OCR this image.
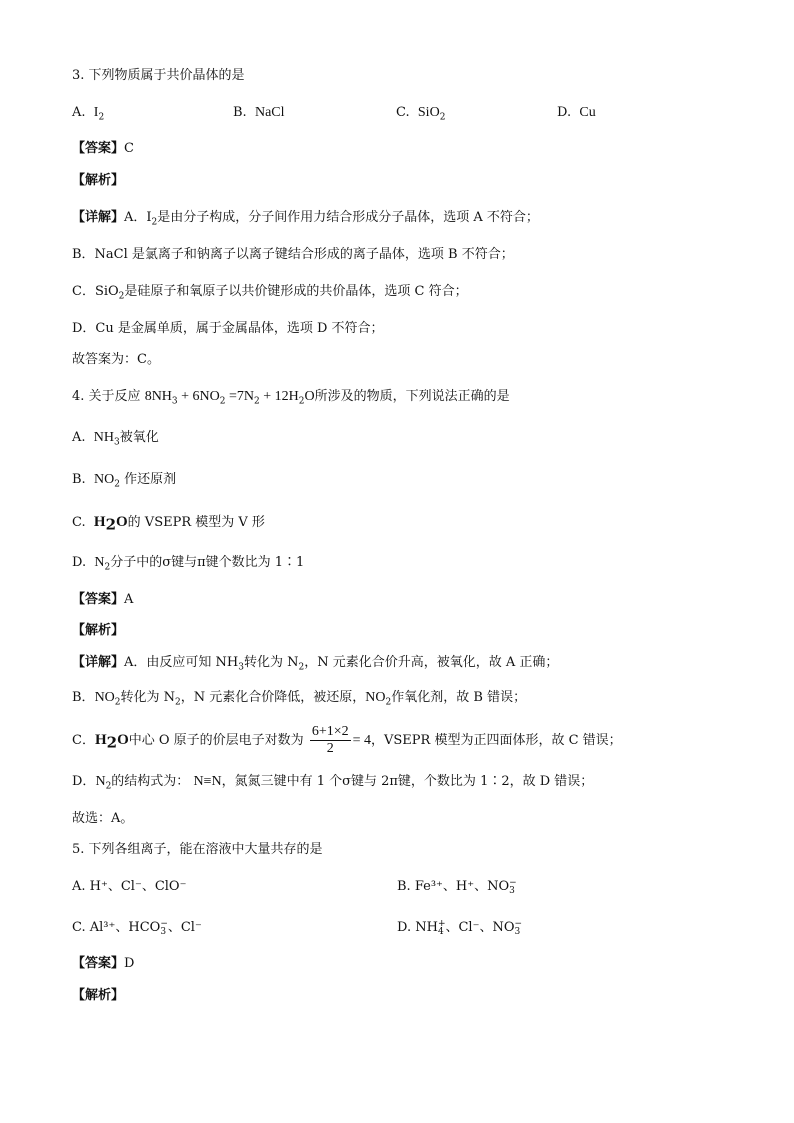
3. 下列物质属于共价晶体的是
A. $I_2$	B. NaCl	C. SiO$_2$	D. Cu
【答案】C
【解析】
【详解】A．$I_2$是由分子构成，分子间作用力结合形成分子晶体，选项 A 不符合；
B．NaCl 是氯离子和钠离子以离子键结合形成的离子晶体，选项 B 不符合；
C．SiO$_2$是硅原子和氧原子以共价键形成的共价晶体，选项 C 符合；
D．Cu 是金属单质，属于金属晶体，选项 D 不符合；
故答案为：C。
4. 关于反应 $8NH_3 + 6NO_2 =7N_2 + 12H_2O$所涉及的物质，下列说法正确的是
A. $NH_3$被氧化
B. $NO_2$ 作还原剂
C. $H_2O$的 VSEPR 模型为 V 形
D. $N_2$分子中的σ键与π键个数比为 1∶1
【答案】A
【解析】
【详解】A．由反应可知 $NH_3$转化为 $N_2$，N 元素化合价升高，被氧化，故 A 正确；
B．$NO_2$转化为 $N_2$，N 元素化合价降低，被还原，$NO_2$作氧化剂，故 B 错误；
C．$H_2O$中心 O 原子的价层电子对数为 $\frac{6+1\times 2}{2} = 4$，VSEPR 模型为正四面体形，故 C 错误；
D．$N_2$的结构式为： N≡N，氮氮三键中有 1 个σ键与 2π键，个数比为 1∶2，故 D 错误；
故选：A。
5. 下列各组离子，能在溶液中大量共存的是
A. H⁺、Cl⁻、ClO⁻	B. Fe³⁺、H⁺、NO −
3
C. Al³⁺、HCO −
3 、Cl⁻	D. NH +
4 、Cl⁻、NO −
3
【答案】D
【解析】
